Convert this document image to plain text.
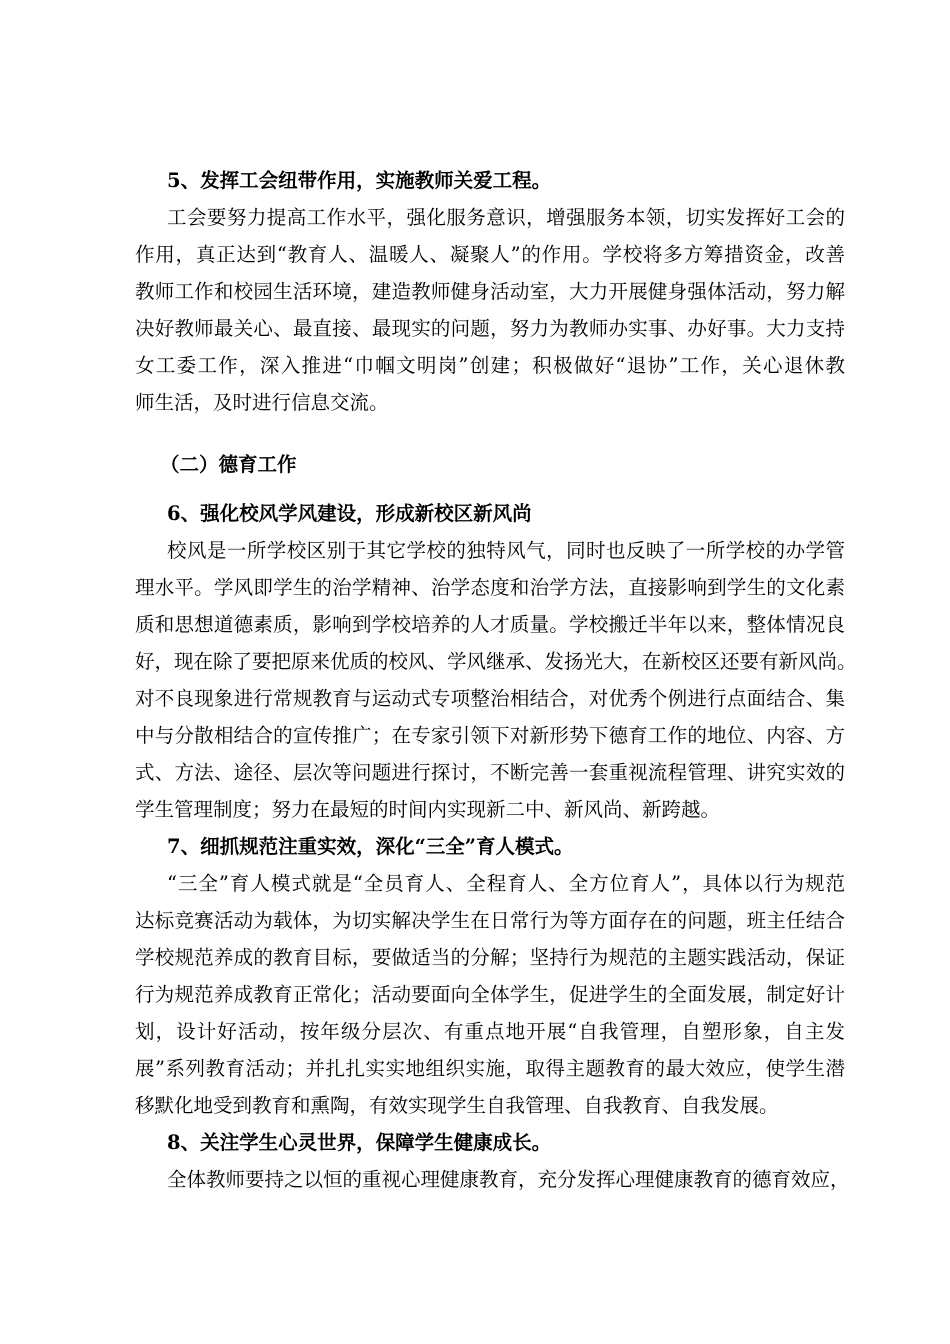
5、发挥工会纽带作用，实施教师关爱工程。
工会要努力提高工作水平，强化服务意识，增强服务本领，切实发挥好工会的
作用，真正达到“教育人、温暖人、凝聚人”的作用。学校将多方筹措资金，改善
教师工作和校园生活环境，建造教师健身活动室，大力开展健身强体活动，努力解
决好教师最关心、最直接、最现实的问题，努力为教师办实事、办好事。大力支持
女工委工作，深入推进“巾帼文明岗”创建；积极做好“退协”工作，关心退休教
师生活，及时进行信息交流。
（二）德育工作
6、强化校风学风建设，形成新校区新风尚
校风是一所学校区别于其它学校的独特风气，同时也反映了一所学校的办学管
理水平。学风即学生的治学精神、治学态度和治学方法，直接影响到学生的文化素
质和思想道德素质，影响到学校培养的人才质量。学校搬迁半年以来，整体情况良
好，现在除了要把原来优质的校风、学风继承、发扬光大，在新校区还要有新风尚。
对不良现象进行常规教育与运动式专项整治相结合，对优秀个例进行点面结合、集
中与分散相结合的宣传推广；在专家引领下对新形势下德育工作的地位、内容、方
式、方法、途径、层次等问题进行探讨，不断完善一套重视流程管理、讲究实效的
学生管理制度；努力在最短的时间内实现新二中、新风尚、新跨越。
7、细抓规范注重实效，深化“三全”育人模式。
“三全”育人模式就是“全员育人、全程育人、全方位育人”，具体以行为规范
达标竞赛活动为载体，为切实解决学生在日常行为等方面存在的问题，班主任结合
学校规范养成的教育目标，要做适当的分解；坚持行为规范的主题实践活动，保证
行为规范养成教育正常化；活动要面向全体学生，促进学生的全面发展，制定好计
划，设计好活动，按年级分层次、有重点地开展“自我管理，自塑形象，自主发
展”系列教育活动；并扎扎实实地组织实施，取得主题教育的最大效应，使学生潜
移默化地受到教育和熏陶，有效实现学生自我管理、自我教育、自我发展。
8、关注学生心灵世界，保障学生健康成长。
全体教师要持之以恒的重视心理健康教育，充分发挥心理健康教育的德育效应，
